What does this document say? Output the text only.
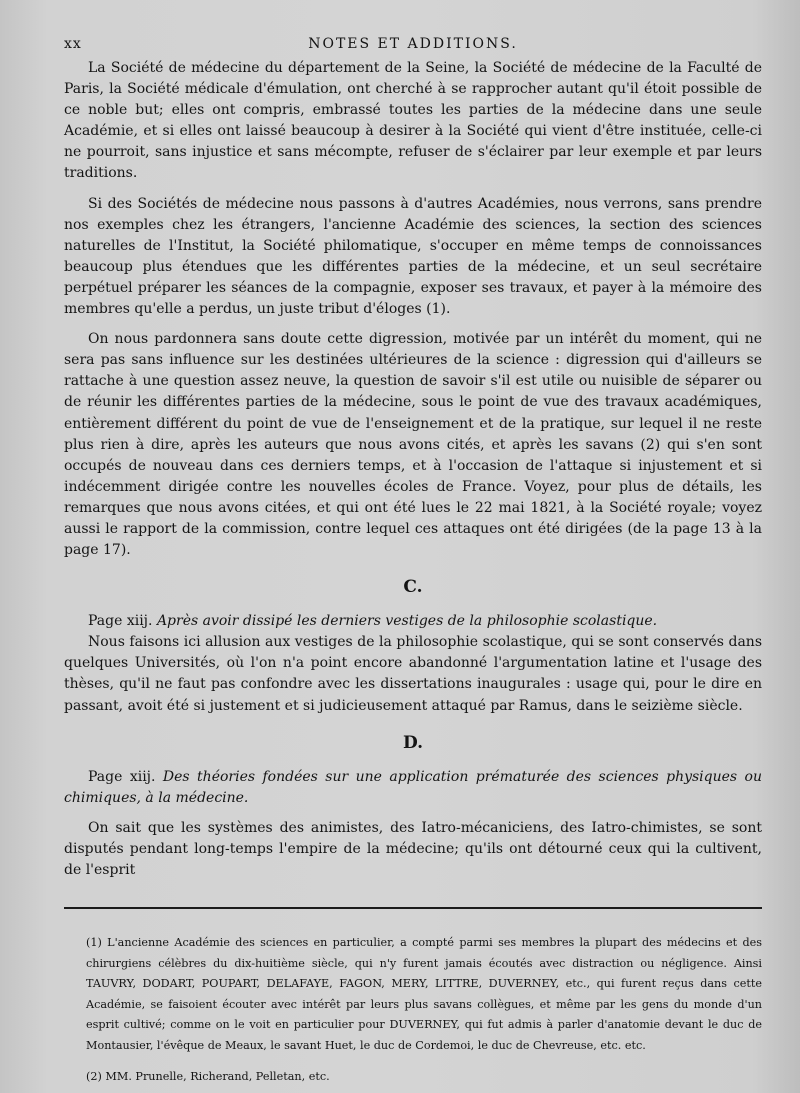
xx	NOTES ET ADDITIONS.

La Société de médecine du département de la Seine, la Société de médecine de la Faculté de Paris, la Société médicale d'émulation, ont cherché à se rapprocher autant qu'il étoit possible de ce noble but; elles ont compris, embrassé toutes les parties de la médecine dans une seule Académie, et si elles ont laissé beaucoup à desirer à la Société qui vient d'être instituée, celle-ci ne pourroit, sans injustice et sans mécompte, refuser de s'éclairer par leur exemple et par leurs traditions.

Si des Sociétés de médecine nous passons à d'autres Académies, nous verrons, sans prendre nos exemples chez les étrangers, l'ancienne Académie des sciences, la section des sciences naturelles de l'Institut, la Société philomatique, s'occuper en même temps de connoissances beaucoup plus étendues que les différentes parties de la médecine, et un seul secrétaire perpétuel préparer les séances de la compagnie, exposer ses travaux, et payer à la mémoire des membres qu'elle a perdus, un juste tribut d'éloges (1).

On nous pardonnera sans doute cette digression, motivée par un intérêt du moment, qui ne sera pas sans influence sur les destinées ultérieures de la science : digression qui d'ailleurs se rattache à une question assez neuve, la question de savoir s'il est utile ou nuisible de séparer ou de réunir les différentes parties de la médecine, sous le point de vue des travaux académiques, entièrement différent du point de vue de l'enseignement et de la pratique, sur lequel il ne reste plus rien à dire, après les auteurs que nous avons cités, et après les savans (2) qui s'en sont occupés de nouveau dans ces derniers temps, et à l'occasion de l'attaque si injustement et si indécemment dirigée contre les nouvelles écoles de France. Voyez, pour plus de détails, les remarques que nous avons citées, et qui ont été lues le 22 mai 1821, à la Société royale; voyez aussi le rapport de la commission, contre lequel ces attaques ont été dirigées (de la page 13 à la page 17).

C.

Page xiij. Après avoir dissipé les derniers vestiges de la philosophie scolastique.

Nous faisons ici allusion aux vestiges de la philosophie scolastique, qui se sont conservés dans quelques Universités, où l'on n'a point encore abandonné l'argumentation latine et l'usage des thèses, qu'il ne faut pas confondre avec les dissertations inaugurales : usage qui, pour le dire en passant, avoit été si justement et si judicieusement attaqué par Ramus, dans le seizième siècle.

D.

Page xiij. Des théories fondées sur une application prématurée des sciences physiques ou chimiques, à la médecine.

On sait que les systèmes des animistes, des Iatro-mécaniciens, des Iatro-chimistes, se sont disputés pendant long-temps l'empire de la médecine; qu'ils ont détourné ceux qui la cultivent, de l'esprit

(1) L'ancienne Académie des sciences en particulier, a compté parmi ses membres la plupart des médecins et des chirurgiens célèbres du dix-huitième siècle, qui n'y furent jamais écoutés avec distraction ou négligence. Ainsi TAUVRY, DODART, POUPART, DELAFAYE, FAGON, MERY, LITTRE, DUVERNEY, etc., qui furent reçus dans cette Académie, se faisoient écouter avec intérêt par leurs plus savans collègues, et même par les gens du monde d'un esprit cultivé; comme on le voit en particulier pour DUVERNEY, qui fut admis à parler d'anatomie devant le duc de Montausier, l'évêque de Meaux, le savant Huet, le duc de Cordemoi, le duc de Chevreuse, etc. etc.

(2) MM. Prunelle, Richerand, Pelletan, etc.
